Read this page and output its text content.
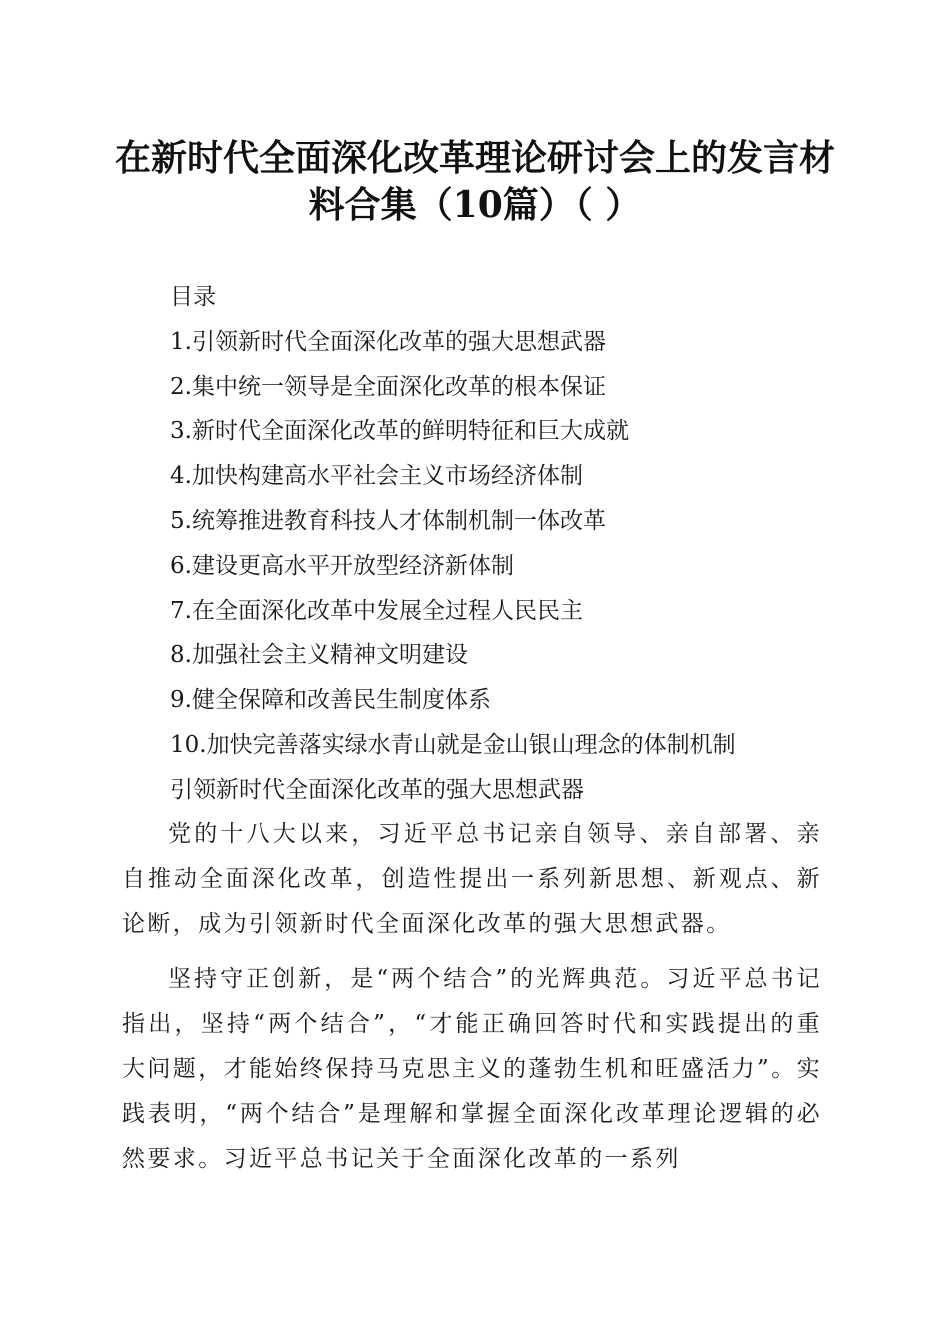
在新时代全面深化改革理论研讨会上的发言材
料合集（10篇）（ ）
目录
1.引领新时代全面深化改革的强大思想武器
2.集中统一领导是全面深化改革的根本保证
3.新时代全面深化改革的鲜明特征和巨大成就
4.加快构建高水平社会主义市场经济体制
5.统筹推进教育科技人才体制机制一体改革
6.建设更高水平开放型经济新体制
7.在全面深化改革中发展全过程人民民主
8.加强社会主义精神文明建设
9.健全保障和改善民生制度体系
10.加快完善落实绿水青山就是金山银山理念的体制机制
引领新时代全面深化改革的强大思想武器

党的十八大以来，习近平总书记亲自领导、亲自部署、亲自推动全面深化改革，创造性提出一系列新思想、新观点、新论断，成为引领新时代全面深化改革的强大思想武器。

坚持守正创新，是“两个结合”的光辉典范。习近平总书记指出，坚持“两个结合”，“才能正确回答时代和实践提出的重大问题，才能始终保持马克思主义的蓬勃生机和旺盛活力”。实践表明，“两个结合”是理解和掌握全面深化改革理论逻辑的必然要求。习近平总书记关于全面深化改革的一系列
